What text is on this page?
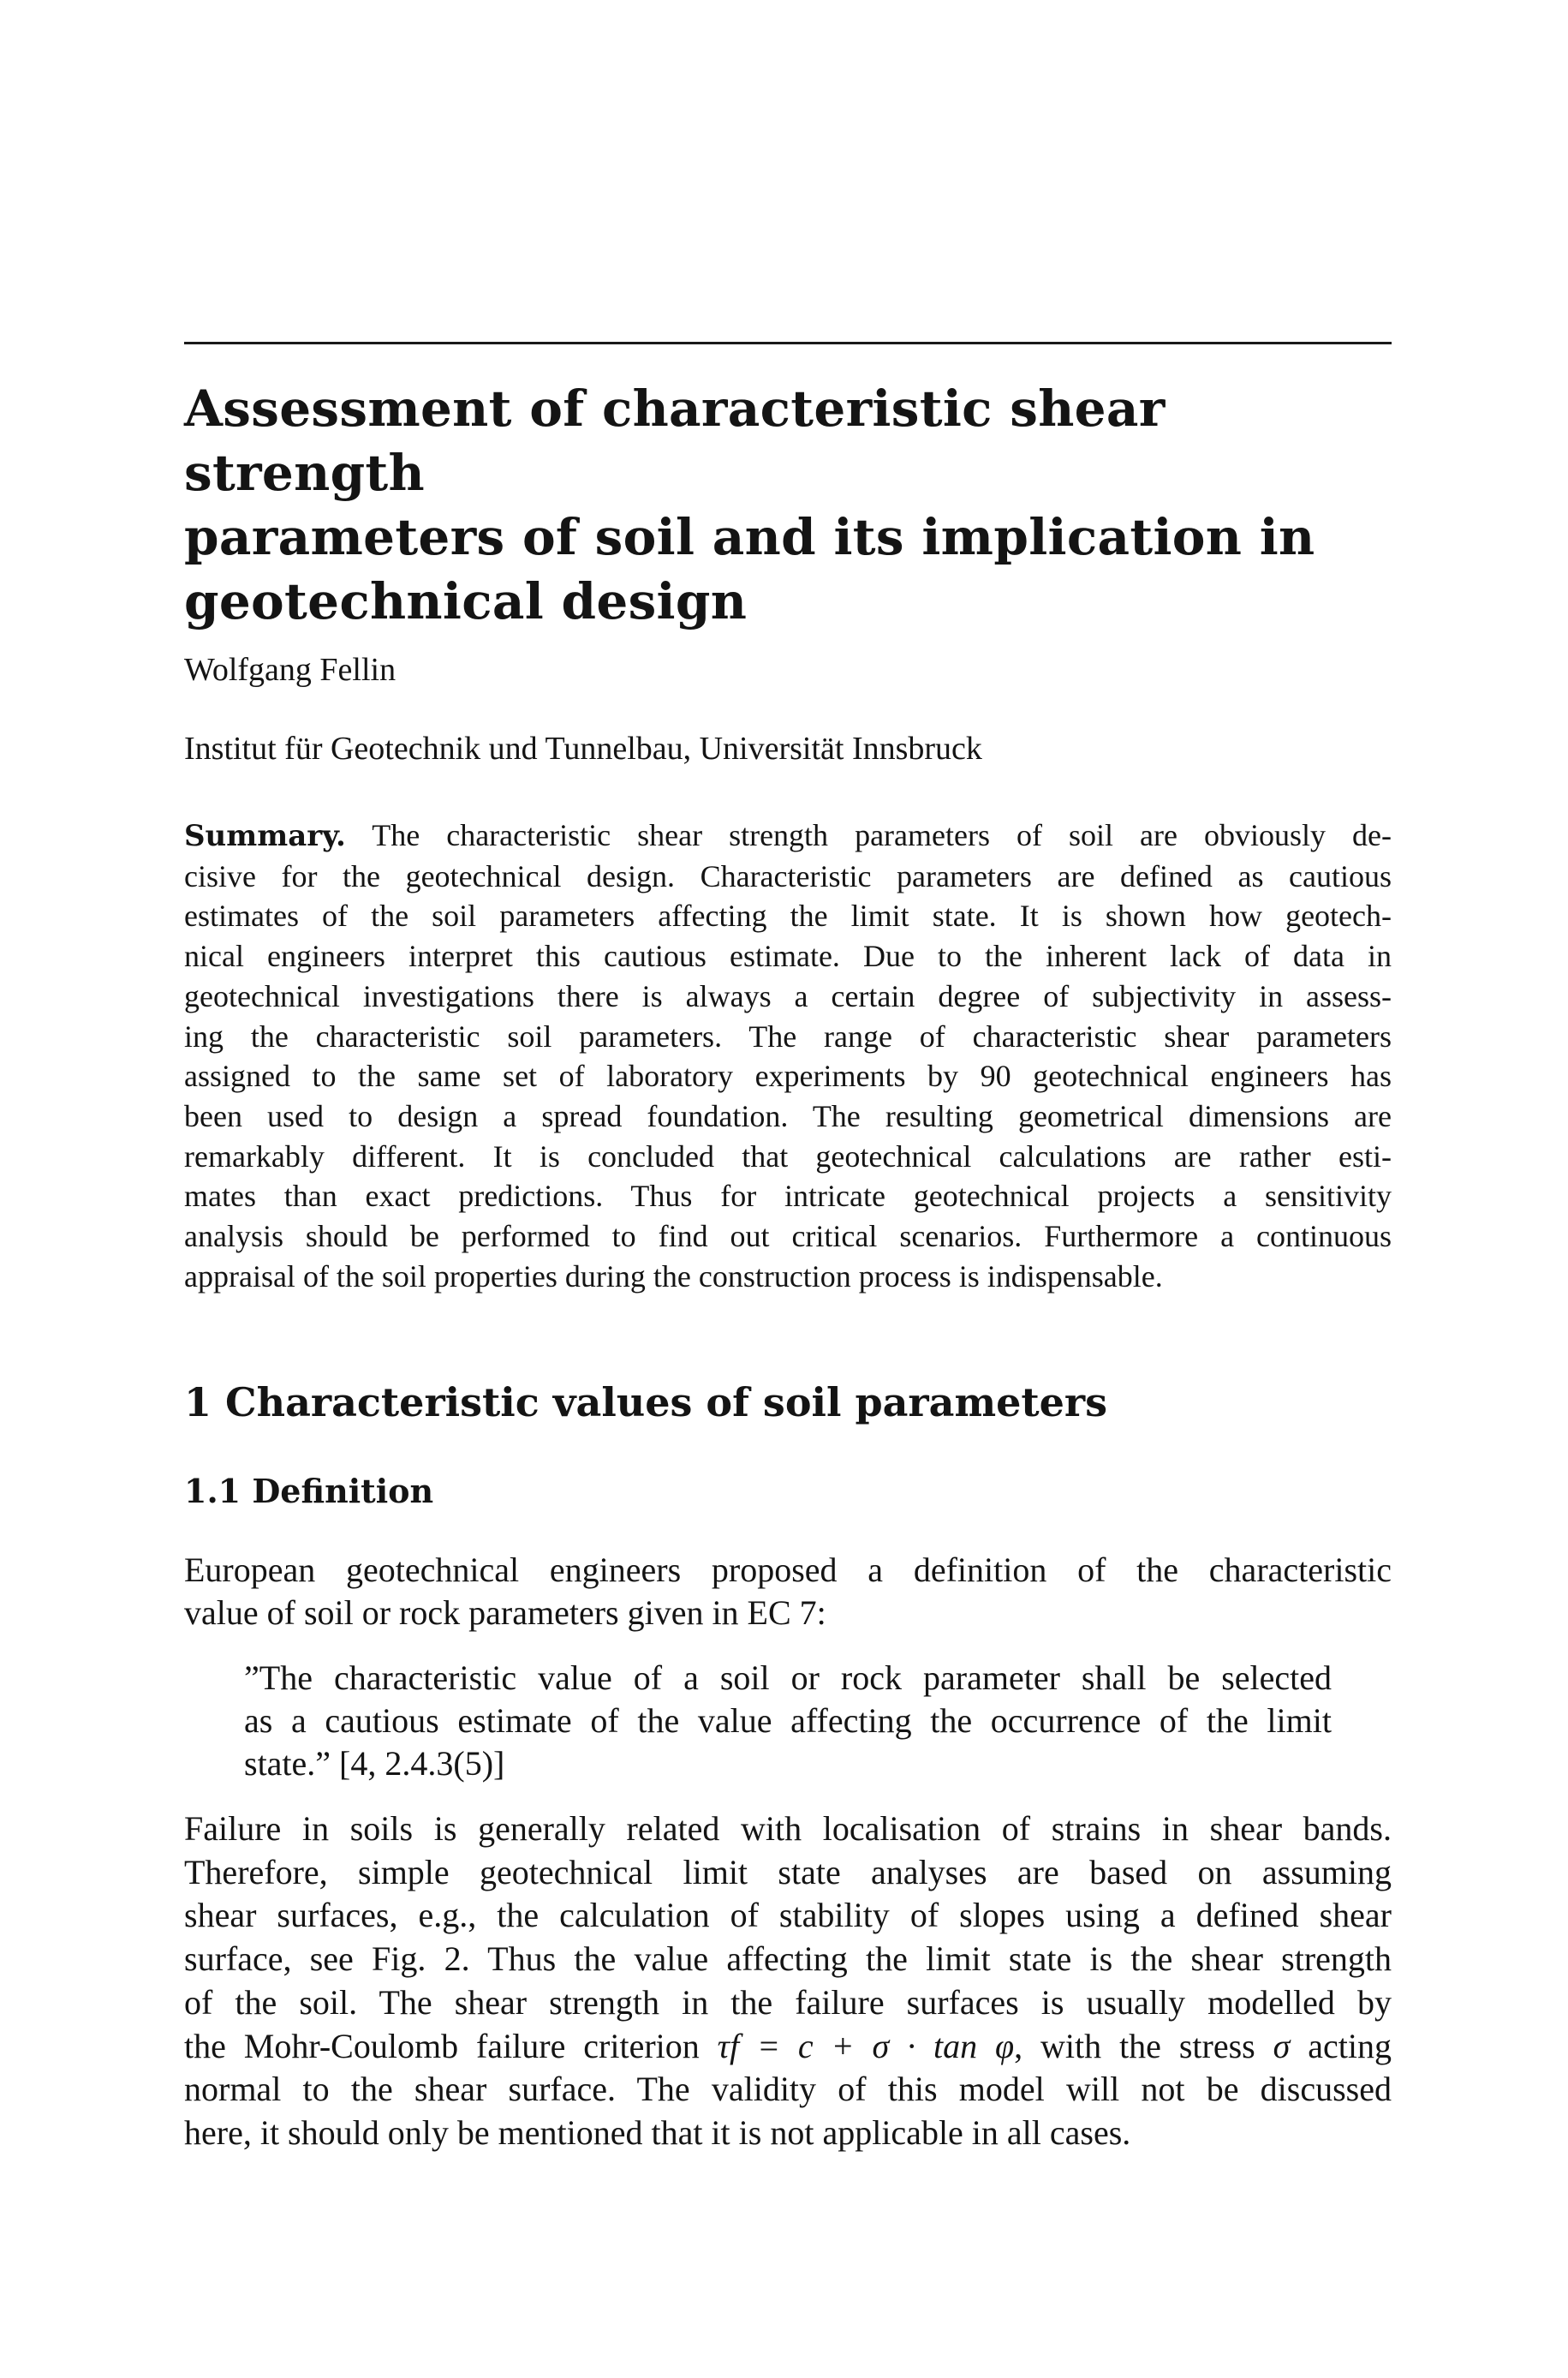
Assessment of characteristic shear strength
parameters of soil and its implication in
geotechnical design
Wolfgang Fellin
Institut für Geotechnik und Tunnelbau, Universität Innsbruck
Summary. The characteristic shear strength parameters of soil are obviously de-
cisive for the geotechnical design. Characteristic parameters are defined as cautious
estimates of the soil parameters affecting the limit state. It is shown how geotech-
nical engineers interpret this cautious estimate. Due to the inherent lack of data in
geotechnical investigations there is always a certain degree of subjectivity in assess-
ing the characteristic soil parameters. The range of characteristic shear parameters
assigned to the same set of laboratory experiments by 90 geotechnical engineers has
been used to design a spread foundation. The resulting geometrical dimensions are
remarkably different. It is concluded that geotechnical calculations are rather esti-
mates than exact predictions. Thus for intricate geotechnical projects a sensitivity
analysis should be performed to find out critical scenarios. Furthermore a continuous
appraisal of the soil properties during the construction process is indispensable.
1 Characteristic values of soil parameters
1.1 Definition
European geotechnical engineers proposed a definition of the characteristic
value of soil or rock parameters given in EC 7:
”The characteristic value of a soil or rock parameter shall be selected
as a cautious estimate of the value affecting the occurrence of the limit
state.” [4, 2.4.3(5)]
Failure in soils is generally related with localisation of strains in shear bands.
Therefore, simple geotechnical limit state analyses are based on assuming
shear surfaces, e.g., the calculation of stability of slopes using a defined shear
surface, see Fig. 2. Thus the value affecting the limit state is the shear strength
of the soil. The shear strength in the failure surfaces is usually modelled by
the Mohr-Coulomb failure criterion τf = c + σ · tan φ, with the stress σ acting
normal to the shear surface. The validity of this model will not be discussed
here, it should only be mentioned that it is not applicable in all cases.
